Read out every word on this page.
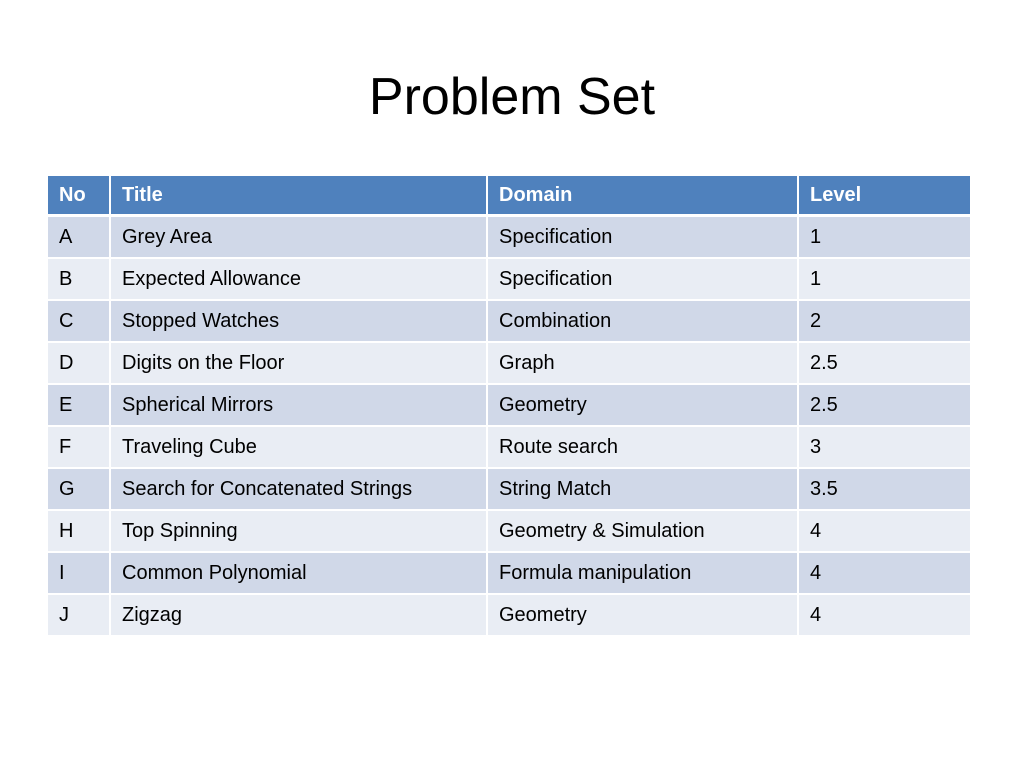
Problem Set
No	Title	Domain	Level
A	Grey Area	Specification	1
B	Expected Allowance	Specification	1
C	Stopped Watches	Combination	2
D	Digits on the Floor	Graph	2.5
E	Spherical Mirrors	Geometry	2.5
F	Traveling Cube	Route search	3
G	Search for Concatenated Strings	String Match	3.5
H	Top Spinning	Geometry & Simulation	4
I	Common Polynomial	Formula manipulation	4
J	Zigzag	Geometry	4
